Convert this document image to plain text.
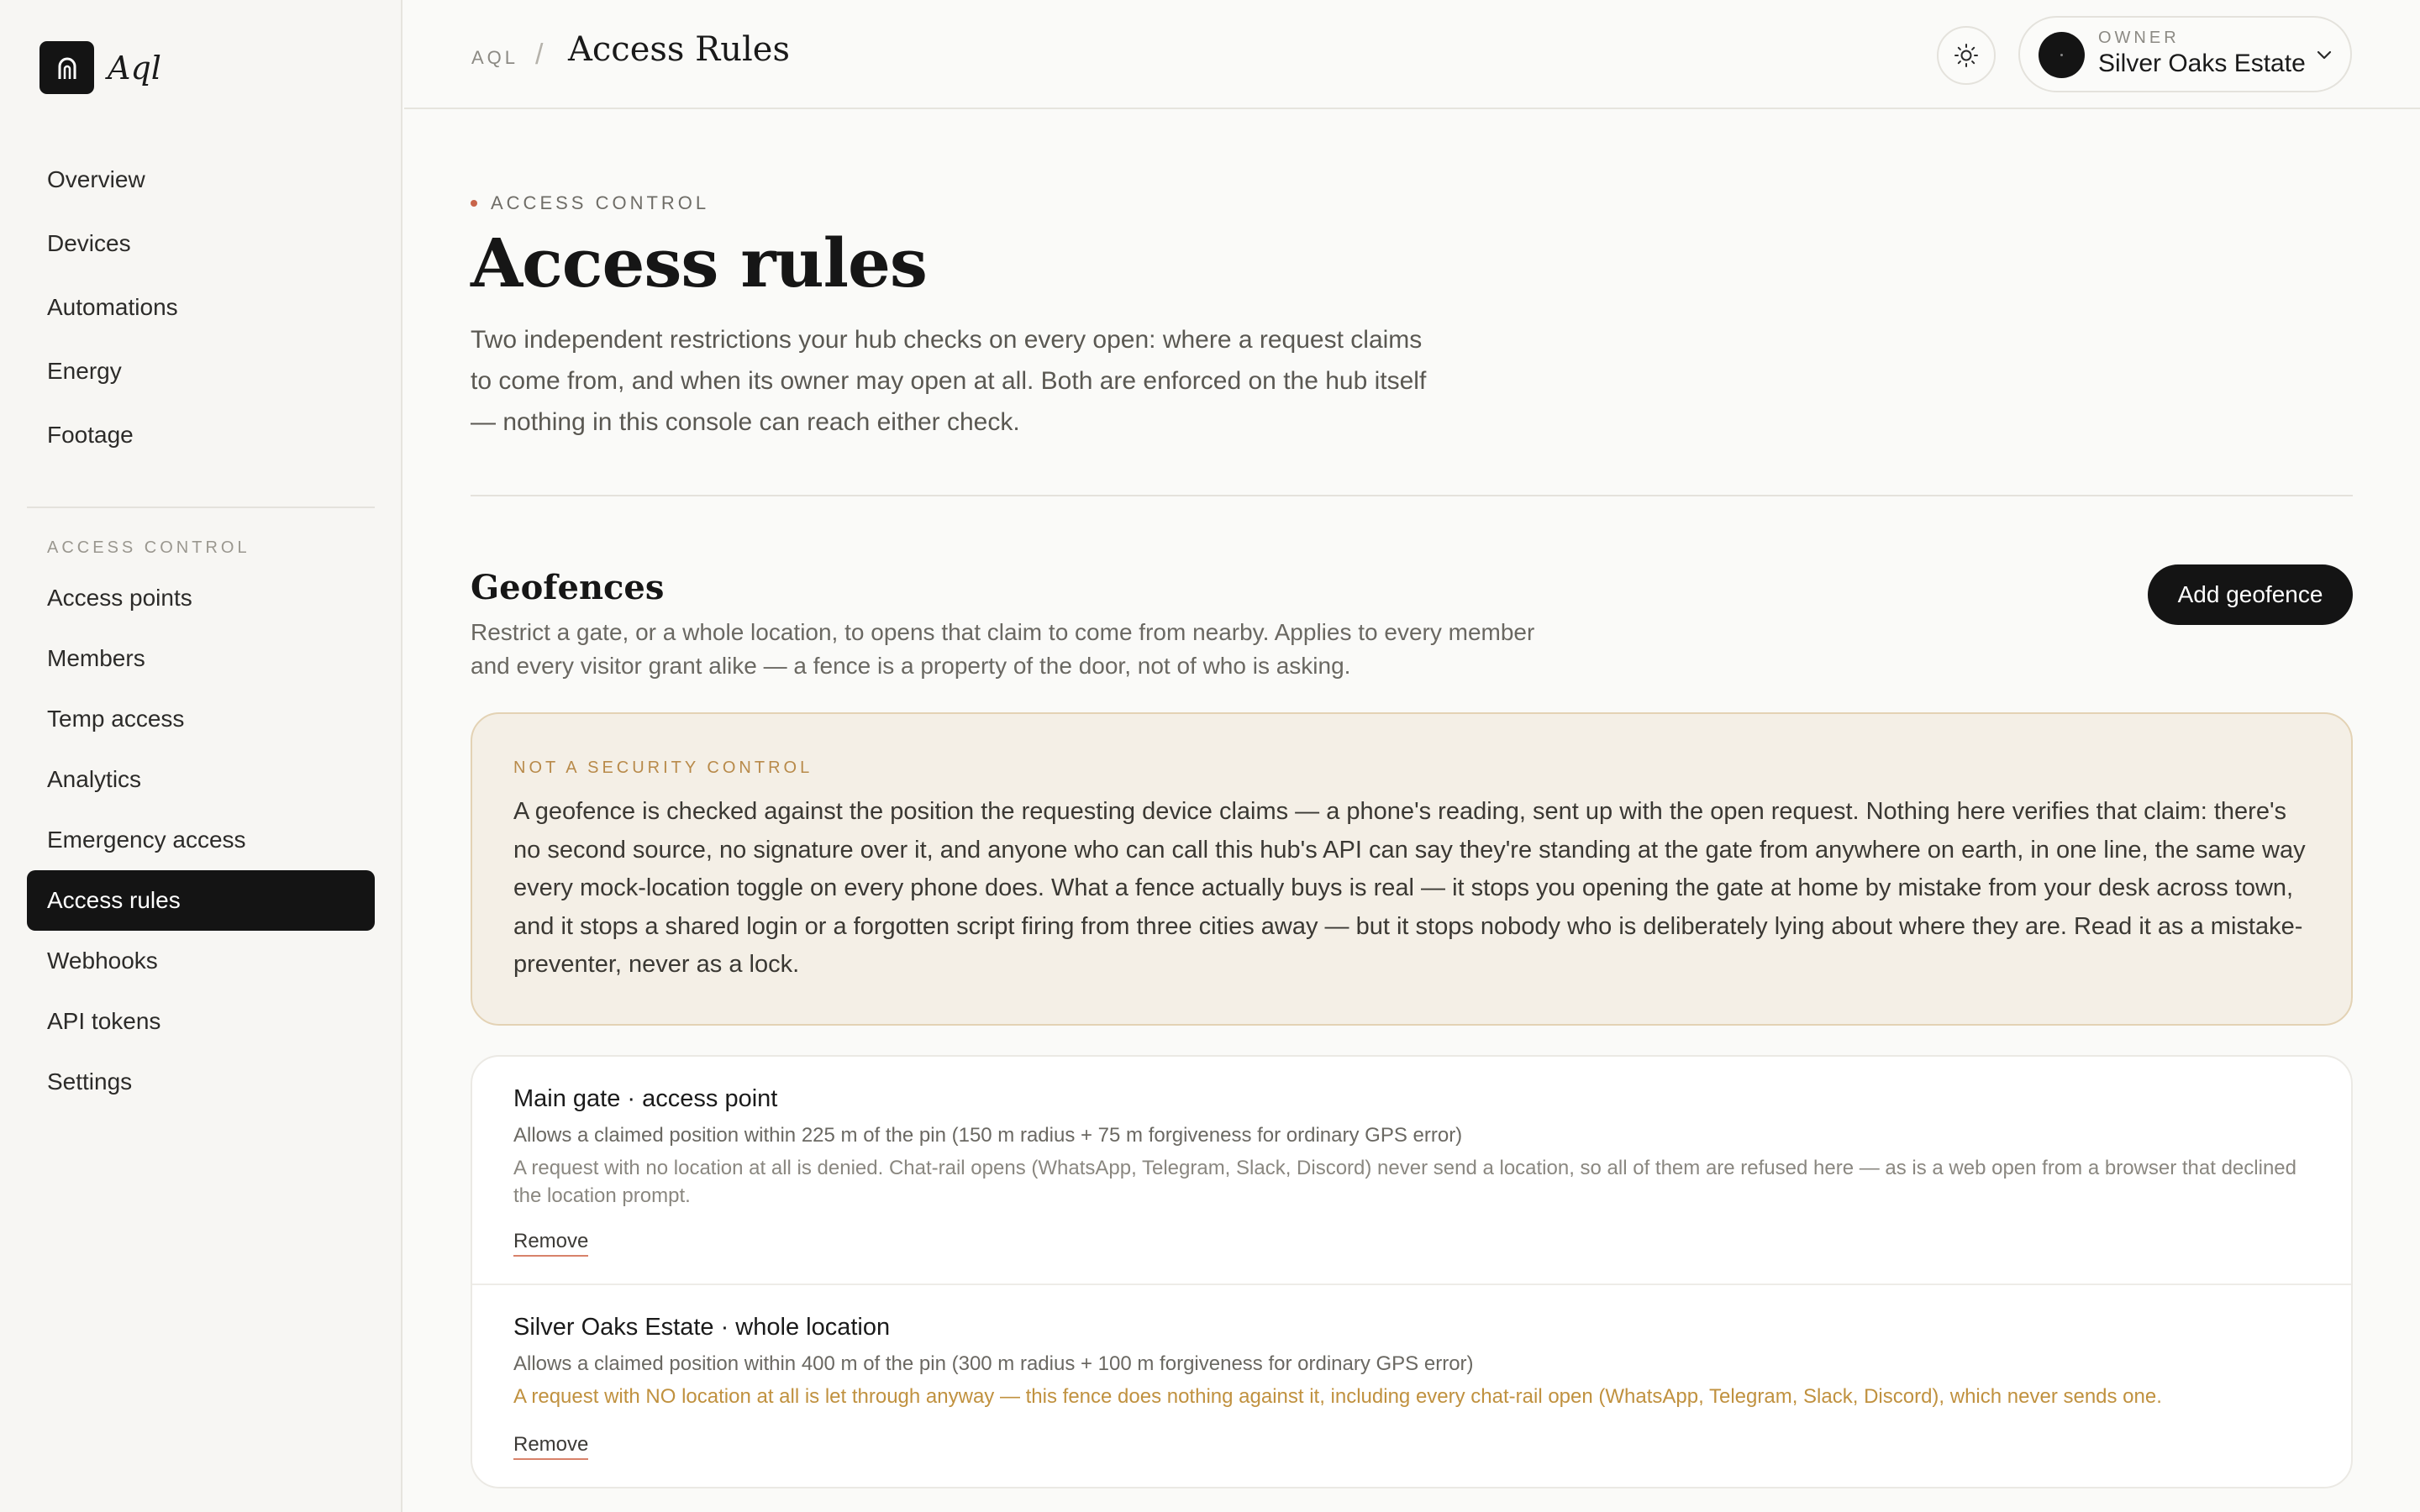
Aql
Overview
Devices
Automations
Energy
Footage
ACCESS CONTROL
Access points
Members
Temp access
Analytics
Emergency access
Access rules
Webhooks
API tokens
Settings
AQL / Access Rules	OWNER
Silver Oaks Estate
ACCESS CONTROL
Access rules

Two independent restrictions your hub checks on every open: where a request claims to come from, and when its owner may open at all. Both are enforced on the hub itself — nothing in this console can reach either check.

Geofences

Restrict a gate, or a whole location, to opens that claim to come from nearby. Applies to every member and every visitor grant alike — a fence is a property of the door, not of who is asking.

Add geofence
NOT A SECURITY CONTROL

A geofence is checked against the position the requesting device claims — a phone's reading, sent up with the open request. Nothing here verifies that claim: there's no second source, no signature over it, and anyone who can call this hub's API can say they're standing at the gate from anywhere on earth, in one line, the same way every mock-location toggle on every phone does. What a fence actually buys is real — it stops you opening the gate at home by mistake from your desk across town, and it stops a shared login or a forgotten script firing from three cities away — but it stops nobody who is deliberately lying about where they are. Read it as a mistake-preventer, never as a lock.

Main gate · access point
Allows a claimed position within 225 m of the pin (150 m radius + 75 m forgiveness for ordinary GPS error)
A request with no location at all is denied. Chat-rail opens (WhatsApp, Telegram, Slack, Discord) never send a location, so all of them are refused here — as is a web open from a browser that declined the location prompt.
Remove
Silver Oaks Estate · whole location
Allows a claimed position within 400 m of the pin (300 m radius + 100 m forgiveness for ordinary GPS error)
A request with NO location at all is let through anyway — this fence does nothing against it, including every chat-rail open (WhatsApp, Telegram, Slack, Discord), which never sends one.
Remove
